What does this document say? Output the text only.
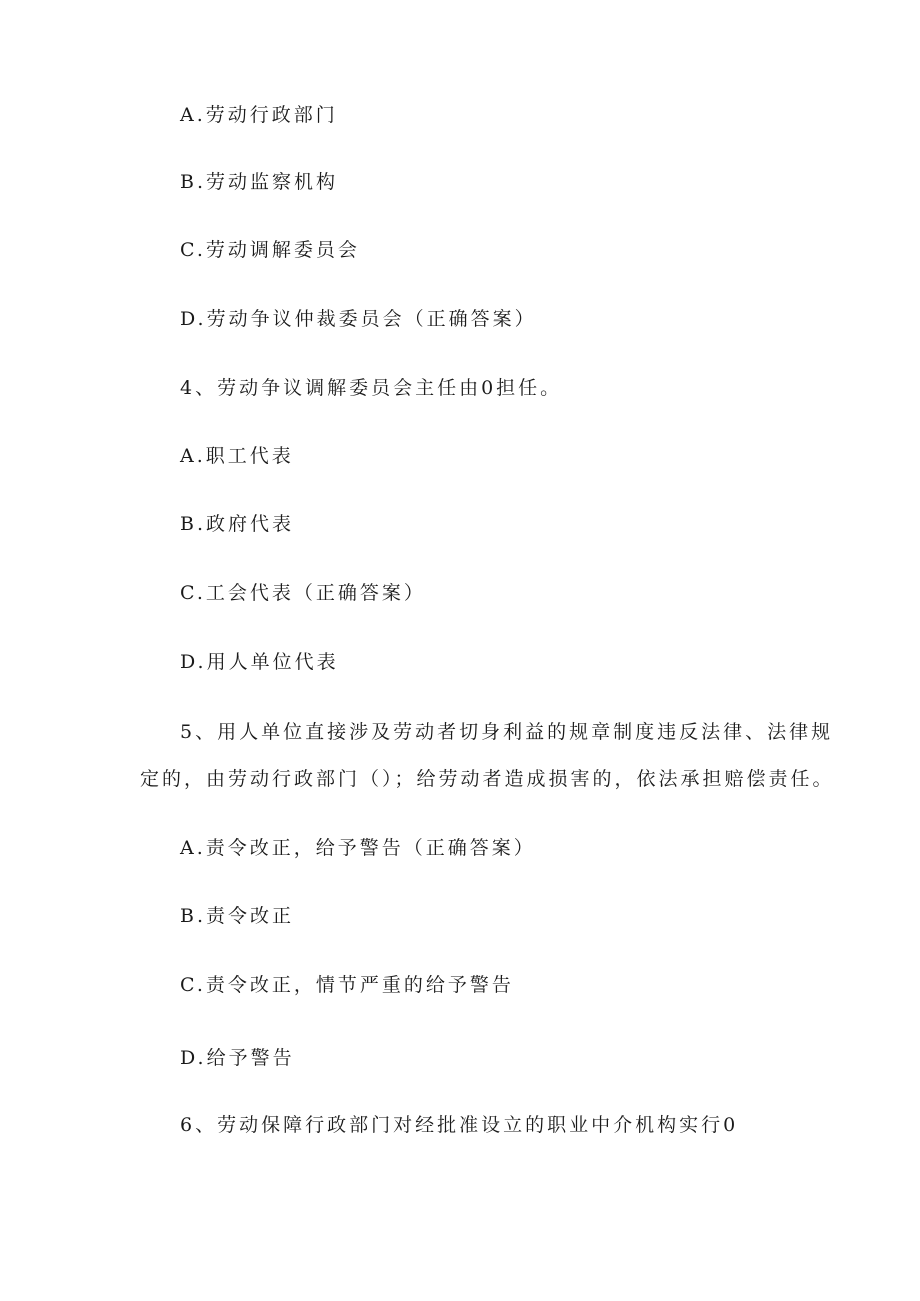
A.劳动行政部门
B.劳动监察机构
C.劳动调解委员会
D.劳动争议仲裁委员会（正确答案）
4、劳动争议调解委员会主任由0担任。
A.职工代表
B.政府代表
C.工会代表（正确答案）
D.用人单位代表
5、用人单位直接涉及劳动者切身利益的规章制度违反法律、法律规
定的，由劳动行政部门（）；给劳动者造成损害的，依法承担赔偿责任。
A.责令改正，给予警告（正确答案）
B.责令改正
C.责令改正，情节严重的给予警告
D.给予警告
6、劳动保障行政部门对经批准设立的职业中介机构实行0
